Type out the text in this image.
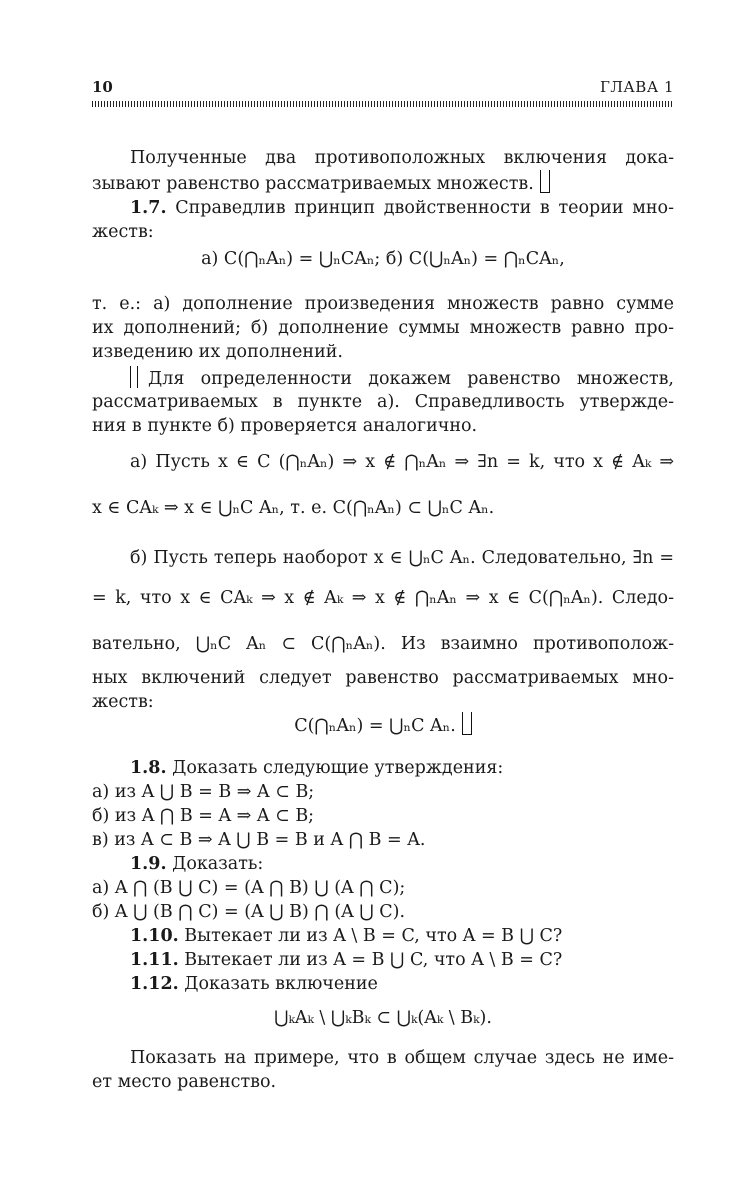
10	ГЛАВА 1
Полученные два противоположных включения дока-
зывают равенство рассматриваемых множеств.
1.7. Справедлив принцип двойственности в теории мно-
жеств:
а) C(⋂ₙAₙ) = ⋃ₙCAₙ; б) C(⋃ₙAₙ) = ⋂ₙCAₙ,
т. е.: а) дополнение произведения множеств равно сумме
их дополнений; б) дополнение суммы множеств равно про-
изведению их дополнений.
Для определенности докажем равенство множеств,
рассматриваемых в пункте а). Справедливость утвержде-
ния в пункте б) проверяется аналогично.
а) Пусть x ∈ C (⋂ₙAₙ) ⇒ x ∉ ⋂ₙAₙ ⇒ ∃n = k, что x ∉ Aₖ ⇒
x ∈ CAₖ ⇒ x ∈ ⋃ₙC Aₙ, т. е. C(⋂ₙAₙ) ⊂ ⋃ₙC Aₙ.
б) Пусть теперь наоборот x ∈ ⋃ₙC Aₙ. Следовательно, ∃n =
= k, что x ∈ CAₖ ⇒ x ∉ Aₖ ⇒ x ∉ ⋂ₙAₙ ⇒ x ∈ C(⋂ₙAₙ). Следо-
вательно, ⋃ₙC Aₙ ⊂ C(⋂ₙAₙ). Из взаимно противополож-
ных включений следует равенство рассматриваемых мно-
жеств:
C(⋂ₙAₙ) = ⋃ₙC Aₙ.
1.8. Доказать следующие утверждения:
а) из A ⋃ B = B ⇒ A ⊂ B;
б) из A ⋂ B = A ⇒ A ⊂ B;
в) из A ⊂ B ⇒ A ⋃ B = B и A ⋂ B = A.
1.9. Доказать:
а) A ⋂ (B ⋃ C) = (A ⋂ B) ⋃ (A ⋂ C);
б) A ⋃ (B ⋂ C) = (A ⋃ B) ⋂ (A ⋃ C).
1.10. Вытекает ли из A \ B = C, что A = B ⋃ C?
1.11. Вытекает ли из A = B ⋃ C, что A \ B = C?
1.12. Доказать включение
⋃ₖAₖ \ ⋃ₖBₖ ⊂ ⋃ₖ(Aₖ \ Bₖ).
Показать на примере, что в общем случае здесь не име-
ет место равенство.
